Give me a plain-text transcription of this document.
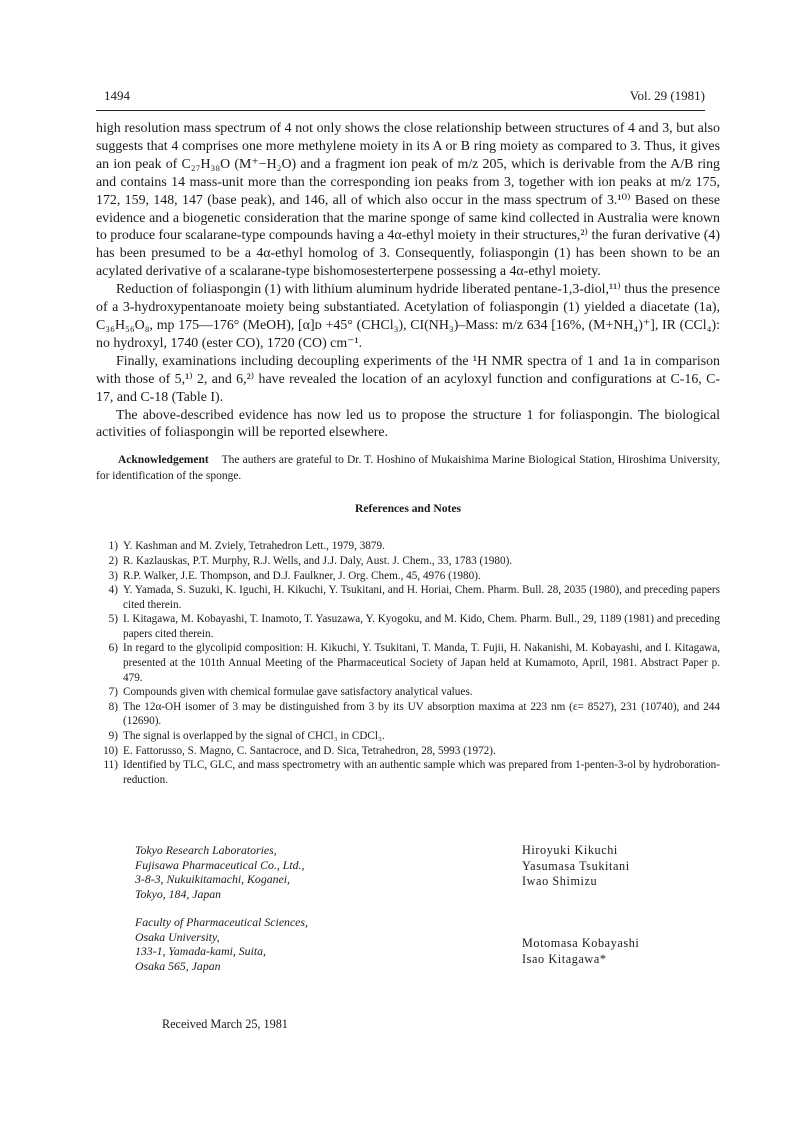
1494	Vol. 29 (1981)

high resolution mass spectrum of 4 not only shows the close relationship between structures of 4 and 3, but also suggests that 4 comprises one more methylene moiety in its A or B ring moiety as compared to 3. Thus, it gives an ion peak of C₂₇H₃₈O (M⁺−H₂O) and a fragment ion peak of m/z 205, which is derivable from the A/B ring and contains 14 mass-unit more than the corresponding ion peaks from 3, together with ion peaks at m/z 175, 172, 159, 148, 147 (base peak), and 146, all of which also occur in the mass spectrum of 3.¹⁰⁾ Based on these evidence and a biogenetic consideration that the marine sponge of same kind collected in Australia were known to produce four scalarane-type compounds having a 4α-ethyl moiety in their structures,²⁾ the furan derivative (4) has been presumed to be a 4α-ethyl homolog of 3. Consequently, foliaspongin (1) has been shown to be an acylated derivative of a scalarane-type bishomosesterterpene possessing a 4α-ethyl moiety.

Reduction of foliaspongin (1) with lithium aluminum hydride liberated pentane-1,3-diol,¹¹⁾ thus the presence of a 3-hydroxypentanoate moiety being substantiated. Acetylation of foliaspongin (1) yielded a diacetate (1a), C₃₆H₅₆O₈, mp 175—176° (MeOH), [α]ᴅ +45° (CHCl₃), CI(NH₃)–Mass: m/z 634 [16%, (M+NH₄)⁺], IR (CCl₄): no hydroxyl, 1740 (ester CO), 1720 (CO) cm⁻¹.

Finally, examinations including decoupling experiments of the ¹H NMR spectra of 1 and 1a in comparison with those of 5,¹⁾ 2, and 6,²⁾ have revealed the location of an acyloxyl function and configurations at C-16, C-17, and C-18 (Table I).

The above-described evidence has now led us to propose the structure 1 for foliaspongin. The biological activities of foliaspongin will be reported elsewhere.

Acknowledgement The authers are grateful to Dr. T. Hoshino of Mukaishima Marine Biological Station, Hiroshima University, for identification of the sponge.
References and Notes
1) Y. Kashman and M. Zviely, Tetrahedron Lett., 1979, 3879.
2) R. Kazlauskas, P.T. Murphy, R.J. Wells, and J.J. Daly, Aust. J. Chem., 33, 1783 (1980).
3) R.P. Walker, J.E. Thompson, and D.J. Faulkner, J. Org. Chem., 45, 4976 (1980).
4) Y. Yamada, S. Suzuki, K. Iguchi, H. Kikuchi, Y. Tsukitani, and H. Horiai, Chem. Pharm. Bull. 28, 2035 (1980), and preceding papers cited therein.
5) I. Kitagawa, M. Kobayashi, T. Inamoto, T. Yasuzawa, Y. Kyogoku, and M. Kido, Chem. Pharm. Bull., 29, 1189 (1981) and preceding papers cited therein.
6) In regard to the glycolipid composition: H. Kikuchi, Y. Tsukitani, T. Manda, T. Fujii, H. Nakanishi, M. Kobayashi, and I. Kitagawa, presented at the 101th Annual Meeting of the Pharmaceutical Society of Japan held at Kumamoto, April, 1981. Abstract Paper p. 479.
7) Compounds given with chemical formulae gave satisfactory analytical values.
8) The 12α-OH isomer of 3 may be distinguished from 3 by its UV absorption maxima at 223 nm (ε= 8527), 231 (10740), and 244 (12690).
9) The signal is overlapped by the signal of CHCl₃ in CDCl₃.
10) E. Fattorusso, S. Magno, C. Santacroce, and D. Sica, Tetrahedron, 28, 5993 (1972).
11) Identified by TLC, GLC, and mass spectrometry with an authentic sample which was prepared from 1-penten-3-ol by hydroboration-reduction.
Tokyo Research Laboratories,
Fujisawa Pharmaceutical Co., Ltd.,
3-8-3, Nukuikitamachi, Koganei,
Tokyo, 184, Japan
Faculty of Pharmaceutical Sciences,
Osaka University,
133-1, Yamada-kami, Suita,
Osaka 565, Japan
Hiroyuki Kikuchi
Yasumasa Tsukitani
Iwao Shimizu
Motomasa Kobayashi
Isao Kitagawa*
Received March 25, 1981
